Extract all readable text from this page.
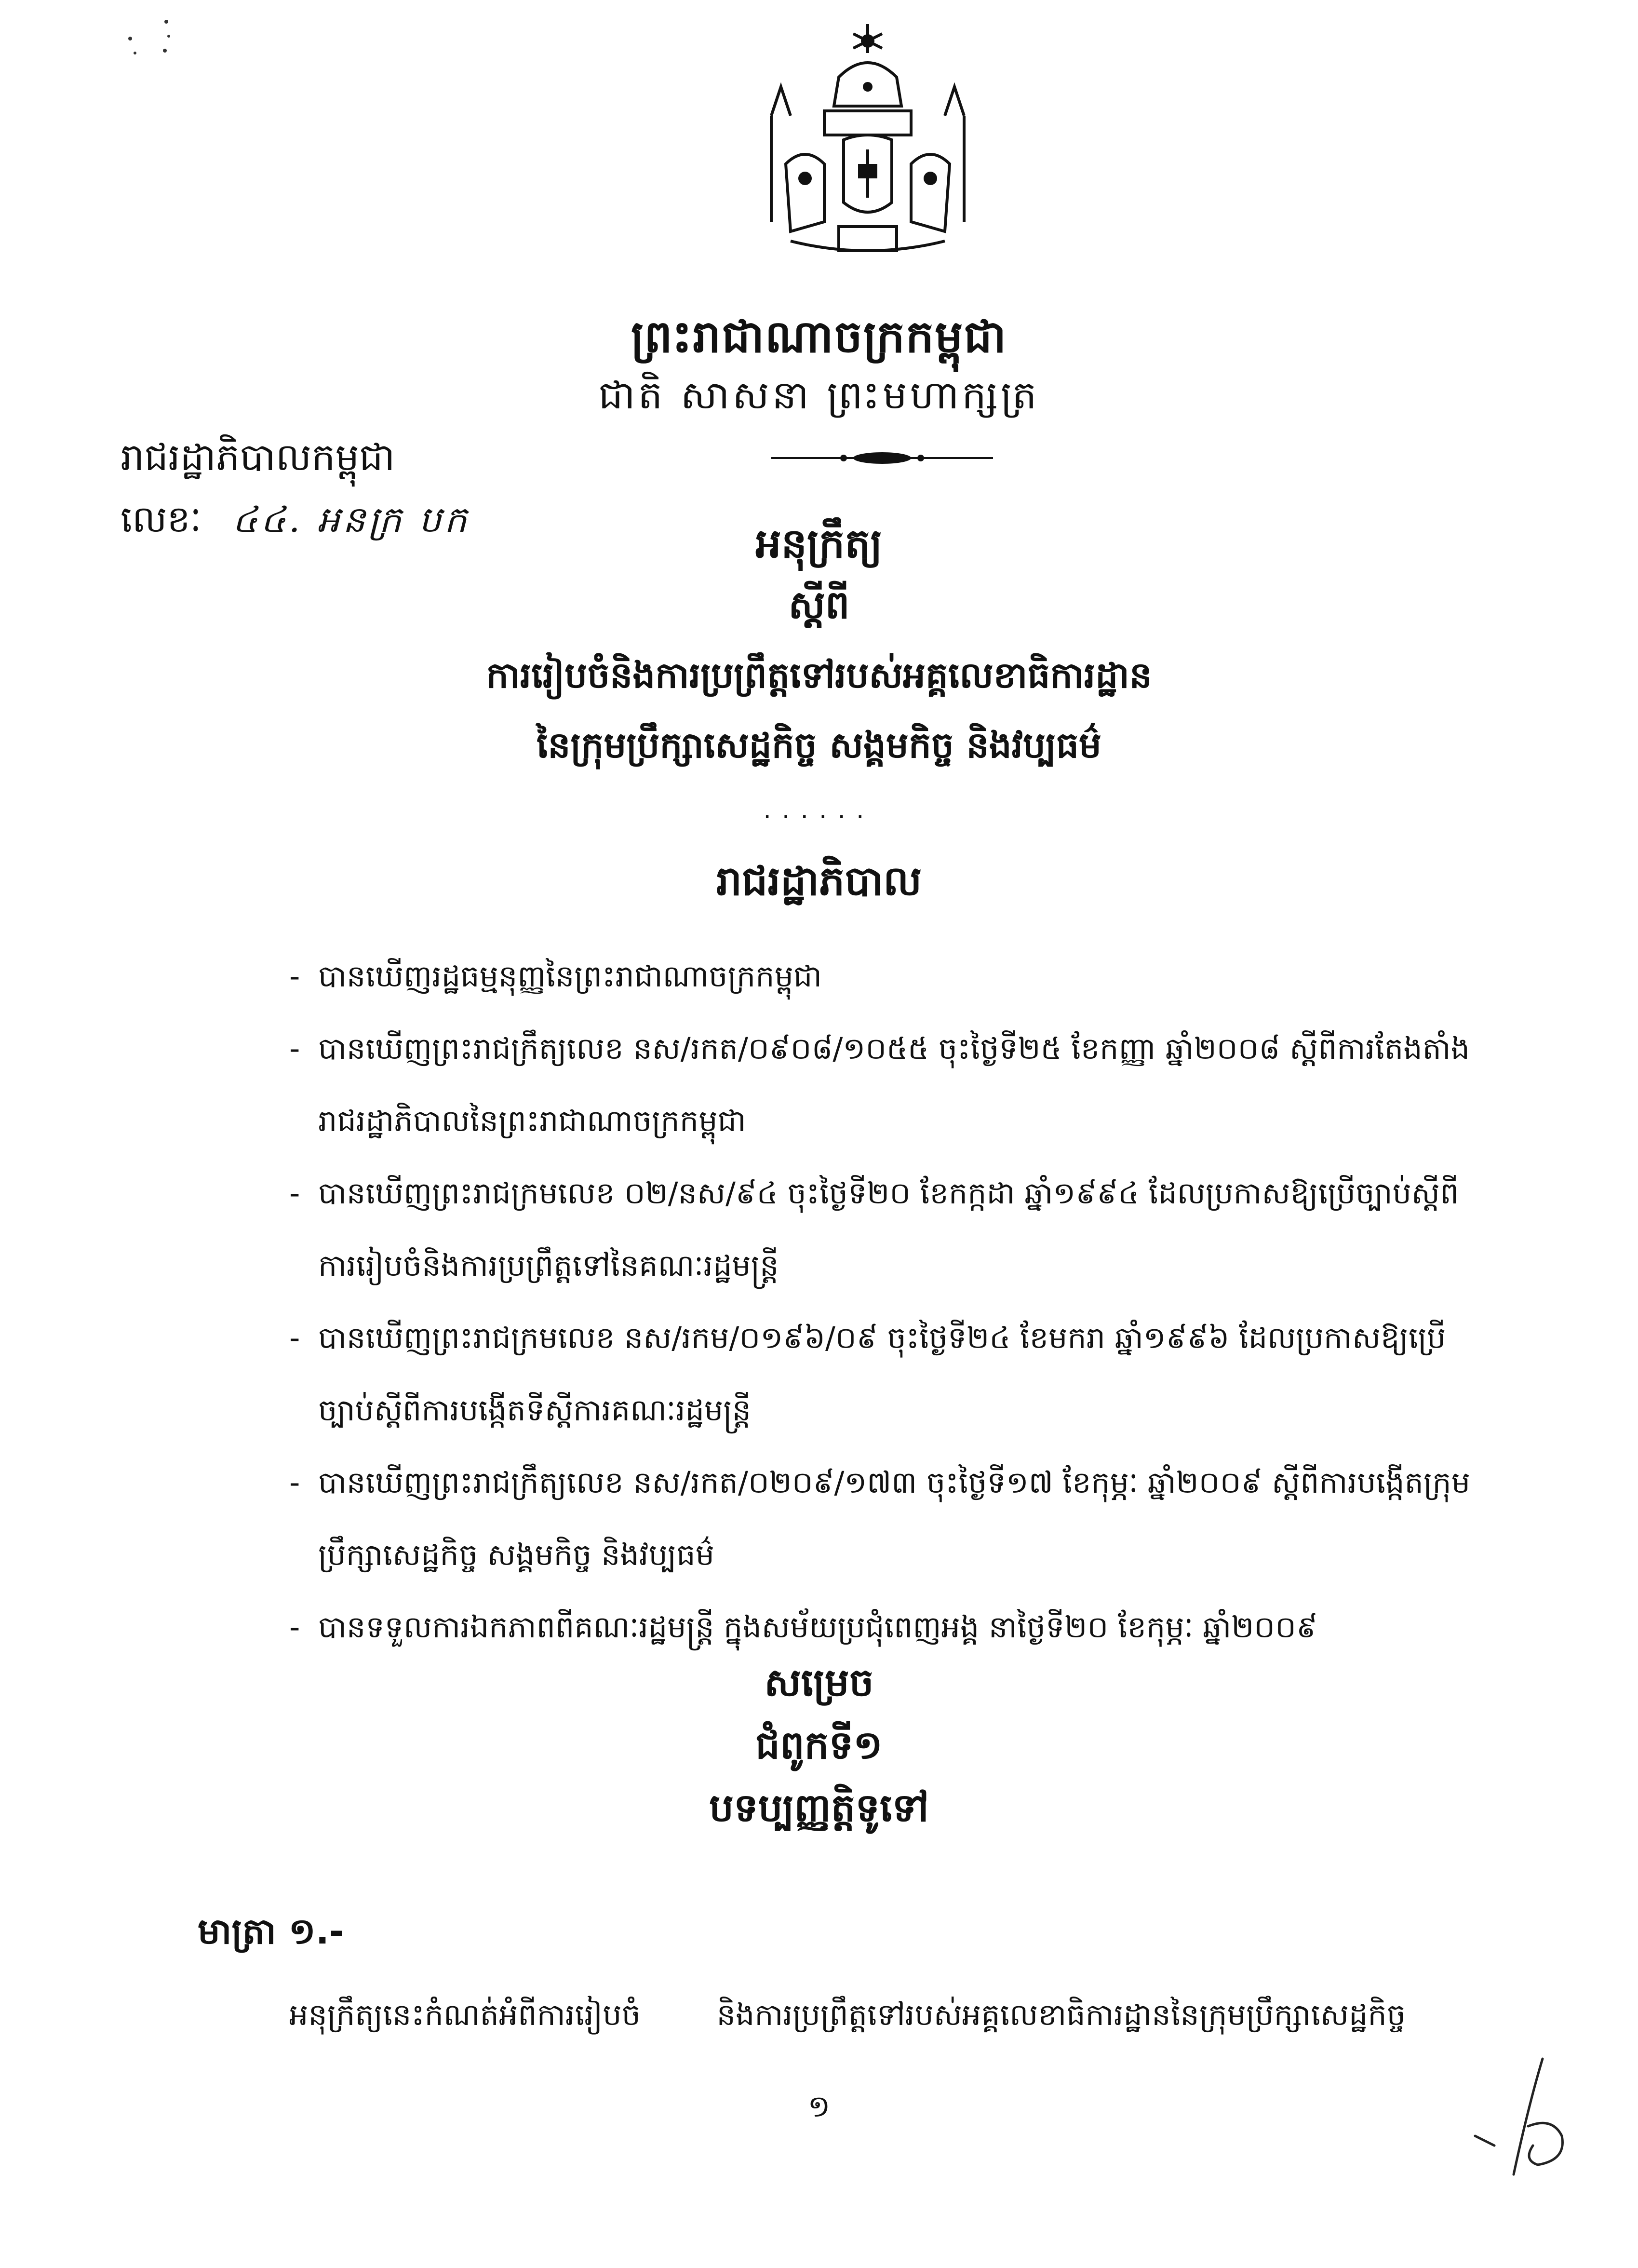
ព្រះរាជាណាចក្រកម្ពុជា
ជាតិ សាសនា ព្រះមហាក្សត្រ
រាជរដ្ឋាភិបាលកម្ពុជា
លេខៈ ៤៤. អនក្រ បក	អនុក្រឹត្យ
ស្តីពី
ការរៀបចំនិងការប្រព្រឹត្តទៅរបស់អគ្គលេខាធិការដ្ឋាន
នៃក្រុមប្រឹក្សាសេដ្ឋកិច្ច សង្គមកិច្ច និងវប្បធម៌
......
រាជរដ្ឋាភិបាល
- បានឃើញរដ្ឋធម្មនុញ្ញនៃព្រះរាជាណាចក្រកម្ពុជា
- បានឃើញព្រះរាជក្រឹត្យលេខ នស/រកត/០៩០៨/១០៥៥ ចុះថ្ងៃទី២៥ ខែកញ្ញា ឆ្នាំ២០០៨ ស្តីពីការតែងតាំងរាជរដ្ឋាភិបាលនៃព្រះរាជាណាចក្រកម្ពុជា
- បានឃើញព្រះរាជក្រមលេខ ០២/នស/៩៤ ចុះថ្ងៃទី២០ ខែកក្កដា ឆ្នាំ១៩៩៤ ដែលប្រកាសឱ្យប្រើច្បាប់ស្តីពីការរៀបចំនិងការប្រព្រឹត្តទៅនៃគណៈរដ្ឋមន្ត្រី
- បានឃើញព្រះរាជក្រមលេខ នស/រកម/០១៩៦/០៩ ចុះថ្ងៃទី២៤ ខែមករា ឆ្នាំ១៩៩៦ ដែលប្រកាសឱ្យប្រើច្បាប់ស្តីពីការបង្កើតទីស្តីការគណៈរដ្ឋមន្ត្រី
- បានឃើញព្រះរាជក្រឹត្យលេខ នស/រកត/០២០៩/១៧៣ ចុះថ្ងៃទី១៧ ខែកុម្ភៈ ឆ្នាំ២០០៩ ស្តីពីការបង្កើតក្រុមប្រឹក្សាសេដ្ឋកិច្ច សង្គមកិច្ច និងវប្បធម៌
- បានទទួលការឯកភាពពីគណៈរដ្ឋមន្ត្រី ក្នុងសម័យប្រជុំពេញអង្គ នាថ្ងៃទី២០ ខែកុម្ភៈ ឆ្នាំ២០០៩
សម្រេច
ជំពូកទី១
បទប្បញ្ញត្តិទូទៅ
មាត្រា ១.-
អនុក្រឹត្យនេះកំណត់អំពីការរៀបចំ        និងការប្រព្រឹត្តទៅរបស់អគ្គលេខាធិការដ្ឋាននៃក្រុមប្រឹក្សាសេដ្ឋកិច្ច
១
